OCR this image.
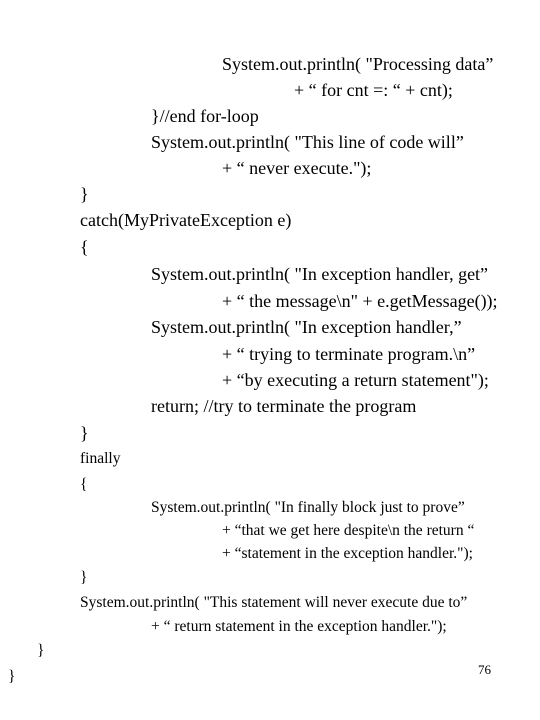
System.out.println( "Processing data”
+ “ for cnt =: “ + cnt);
}//end for-loop
System.out.println( "This line of code will”
+ “ never execute.");
}
catch(MyPrivateException e)
{
System.out.println( "In exception handler, get”
+ “ the message\n" + e.getMessage());
System.out.println( "In exception handler,”
+ “ trying to terminate program.\n”
+ “by executing a return statement");
return; //try to terminate the program
}
finally
{
System.out.println( "In finally block just to prove”
+ “that we get here despite\n the return “
+ “statement in the exception handler.");
}
System.out.println( "This statement will never execute due to”
+ “ return statement in the exception handler.");
}
}	76
